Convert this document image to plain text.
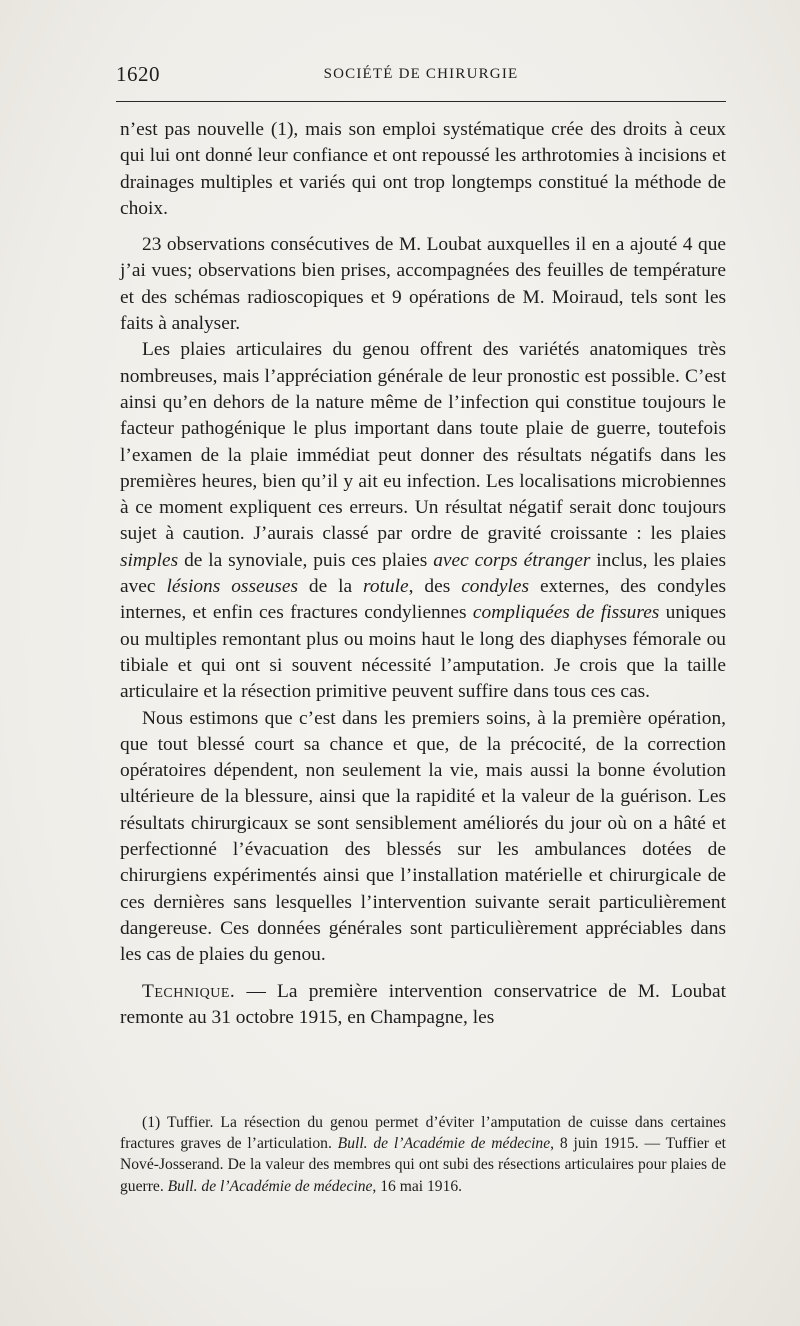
1620	SOCIÉTÉ DE CHIRURGIE

n’est pas nouvelle (1), mais son emploi systématique crée des droits à ceux qui lui ont donné leur confiance et ont repoussé les arthrotomies à incisions et drainages multiples et variés qui ont trop longtemps constitué la méthode de choix.

23 observations consécutives de M. Loubat auxquelles il en a ajouté 4 que j’ai vues; observations bien prises, accompagnées des feuilles de température et des schémas radioscopiques et 9 opérations de M. Moiraud, tels sont les faits à analyser.

Les plaies articulaires du genou offrent des variétés anatomiques très nombreuses, mais l’appréciation générale de leur pronostic est possible. C’est ainsi qu’en dehors de la nature même de l’infection qui constitue toujours le facteur pathogénique le plus important dans toute plaie de guerre, toutefois l’examen de la plaie immédiat peut donner des résultats négatifs dans les premières heures, bien qu’il y ait eu infection. Les localisations microbiennes à ce moment expliquent ces erreurs. Un résultat négatif serait donc toujours sujet à caution. J’aurais classé par ordre de gravité croissante : les plaies simples de la synoviale, puis ces plaies avec corps étranger inclus, les plaies avec lésions osseuses de la rotule, des condyles externes, des condyles internes, et enfin ces fractures condyliennes compliquées de fissures uniques ou multiples remontant plus ou moins haut le long des diaphyses fémorale ou tibiale et qui ont si souvent nécessité l’amputation. Je crois que la taille articulaire et la résection primitive peuvent suffire dans tous ces cas.

Nous estimons que c’est dans les premiers soins, à la première opération, que tout blessé court sa chance et que, de la précocité, de la correction opératoires dépendent, non seulement la vie, mais aussi la bonne évolution ultérieure de la blessure, ainsi que la rapidité et la valeur de la guérison. Les résultats chirurgicaux se sont sensiblement améliorés du jour où on a hâté et perfectionné l’évacuation des blessés sur les ambulances dotées de chirurgiens expérimentés ainsi que l’installation matérielle et chirurgicale de ces dernières sans lesquelles l’intervention suivante serait particulièrement dangereuse. Ces données générales sont particulièrement appréciables dans les cas de plaies du genou.

Technique. — La première intervention conservatrice de M. Loubat remonte au 31 octobre 1915, en Champagne, les

(1) Tuffier. La résection du genou permet d’éviter l’amputation de cuisse dans certaines fractures graves de l’articulation. Bull. de l’Académie de médecine, 8 juin 1915. — Tuffier et Nové-Josserand. De la valeur des membres qui ont subi des résections articulaires pour plaies de guerre. Bull. de l’Académie de médecine, 16 mai 1916.
